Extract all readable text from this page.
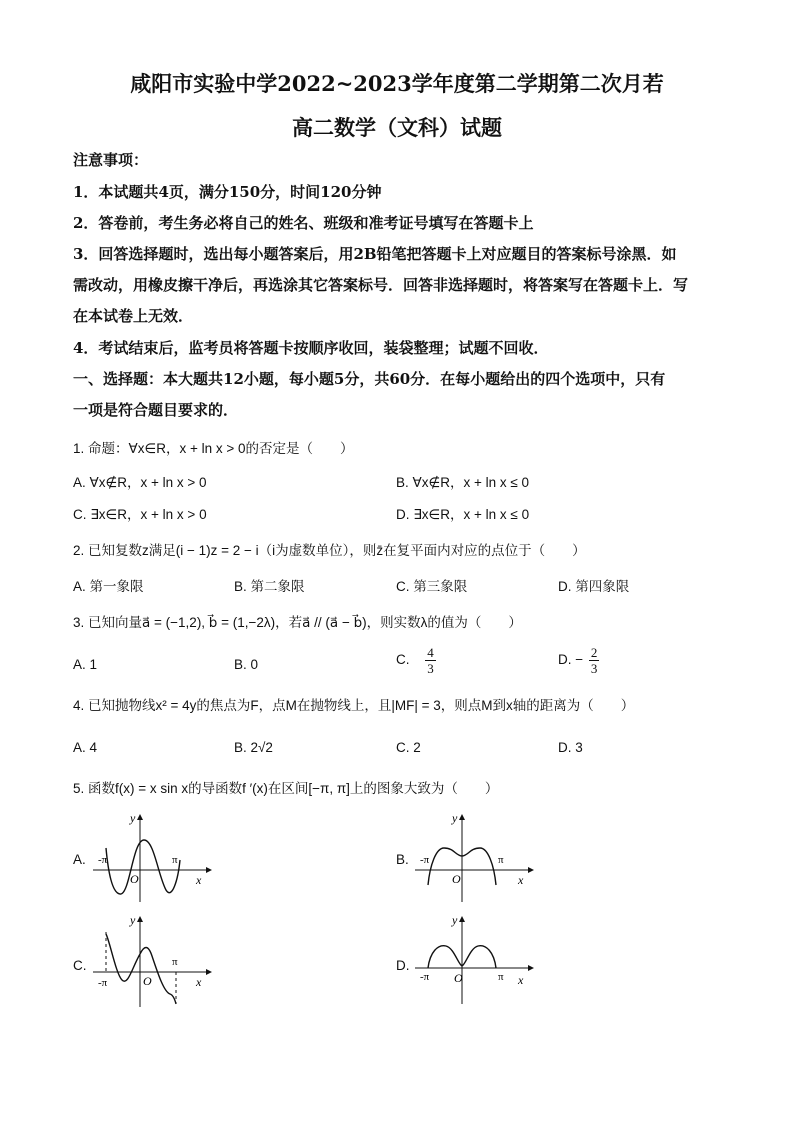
咸阳市实验中学2022~2023学年度第二学期第二次月若
高二数学（文科）试题
注意事项：
1．本试题共4页，满分150分，时间120分钟
2．答卷前，考生务必将自己的姓名、班级和准考证号填写在答题卡上
3．回答选择题时，选出每小题答案后，用2B铅笔把答题卡上对应题目的答案标号涂黑．如
需改动，用橡皮擦干净后，再选涂其它答案标号．回答非选择题时，将答案写在答题卡上．写
在本试卷上无效．
4．考试结束后，监考员将答题卡按顺序收回，装袋整理；试题不回收．
一、选择题：本大题共12小题，每小题5分，共60分．在每小题给出的四个选项中，只有
一项是符合题目要求的．
1. 命题：∀x∈R，x + ln x > 0的否定是（　　）
A. ∀x∉R，x + ln x > 0	B. ∀x∉R，x + ln x ≤ 0
C. ∃x∈R，x + ln x > 0	D. ∃x∈R，x + ln x ≤ 0
2. 已知复数z满足(i − 1)z = 2 − i（i为虚数单位），则z̄在复平面内对应的点位于（　　）
A. 第一象限	B. 第二象限	C. 第三象限	D. 第四象限
3. 已知向量a⃗ = (−1,2), b⃗ = (1,−2λ)，若a⃗ // (a⃗ − b⃗)，则实数λ的值为（　　）
A. 1	B. 0	C. $\frac{4}{3}$	D. − $\frac{2}{3}$
4. 已知抛物线x² = 4y的焦点为F，点M在抛物线上，且|MF| = 3，则点M到x轴的距离为（　　）
A. 4	B. 2√2	C. 2	D. 3
5. 函数f(x) = x sin x的导函数f ′(x)在区间[−π, π]上的图象大致为（　　）
A.
y
x
O
-π	π	B.
y
x
O
-π	π
C.
y
x
O
-π
π	D.
y
x
O
-π	π
